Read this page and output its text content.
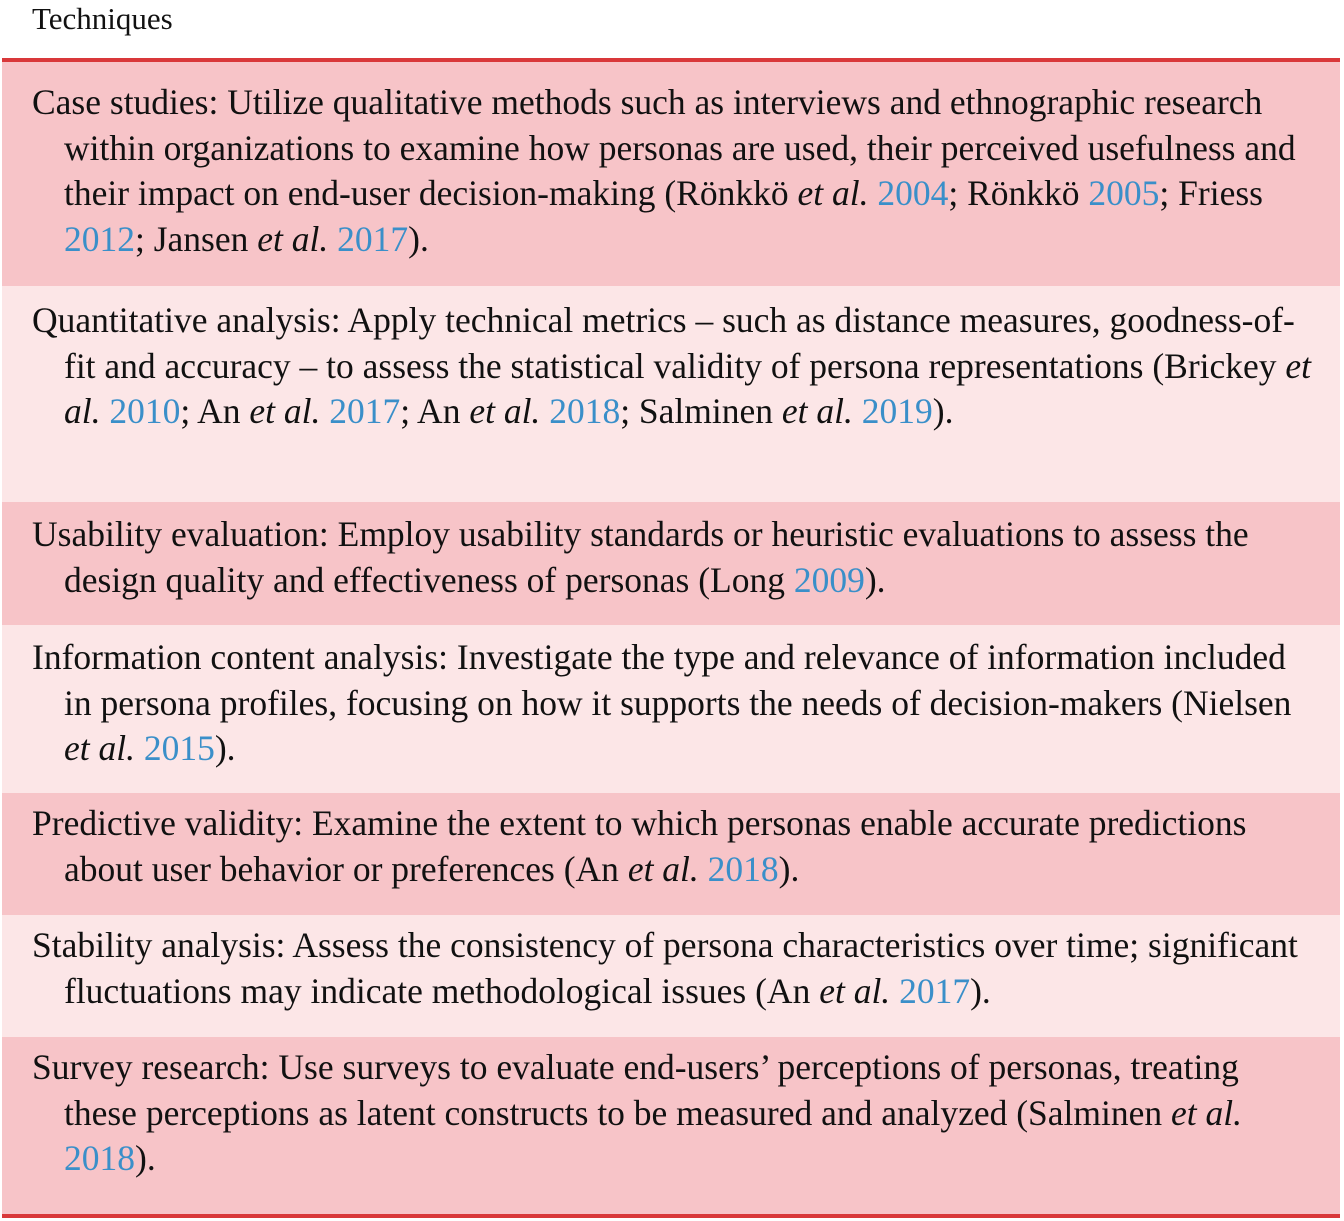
Techniques

Case studies: Utilize qualitative methods such as interviews and ethnographic research within organizations to examine how personas are used, their perceived usefulness and their impact on end-user decision-making (Rönkkö et al. 2004; Rönkkö 2005; Friess 2012; Jansen et al. 2017).

Quantitative analysis: Apply technical metrics – such as distance measures, goodness-of-fit and accuracy – to assess the statistical validity of persona representations (Brickey et al. 2010; An et al. 2017; An et al. 2018; Salminen et al. 2019).

Usability evaluation: Employ usability standards or heuristic evaluations to assess the design quality and effectiveness of personas (Long 2009).

Information content analysis: Investigate the type and relevance of information included in persona profiles, focusing on how it supports the needs of decision-makers (Nielsen et al. 2015).

Predictive validity: Examine the extent to which personas enable accurate predictions about user behavior or preferences (An et al. 2018).

Stability analysis: Assess the consistency of persona characteristics over time; significant fluctuations may indicate methodological issues (An et al. 2017).

Survey research: Use surveys to evaluate end-users’ perceptions of personas, treating these perceptions as latent constructs to be measured and analyzed (Salminen et al. 2018).
